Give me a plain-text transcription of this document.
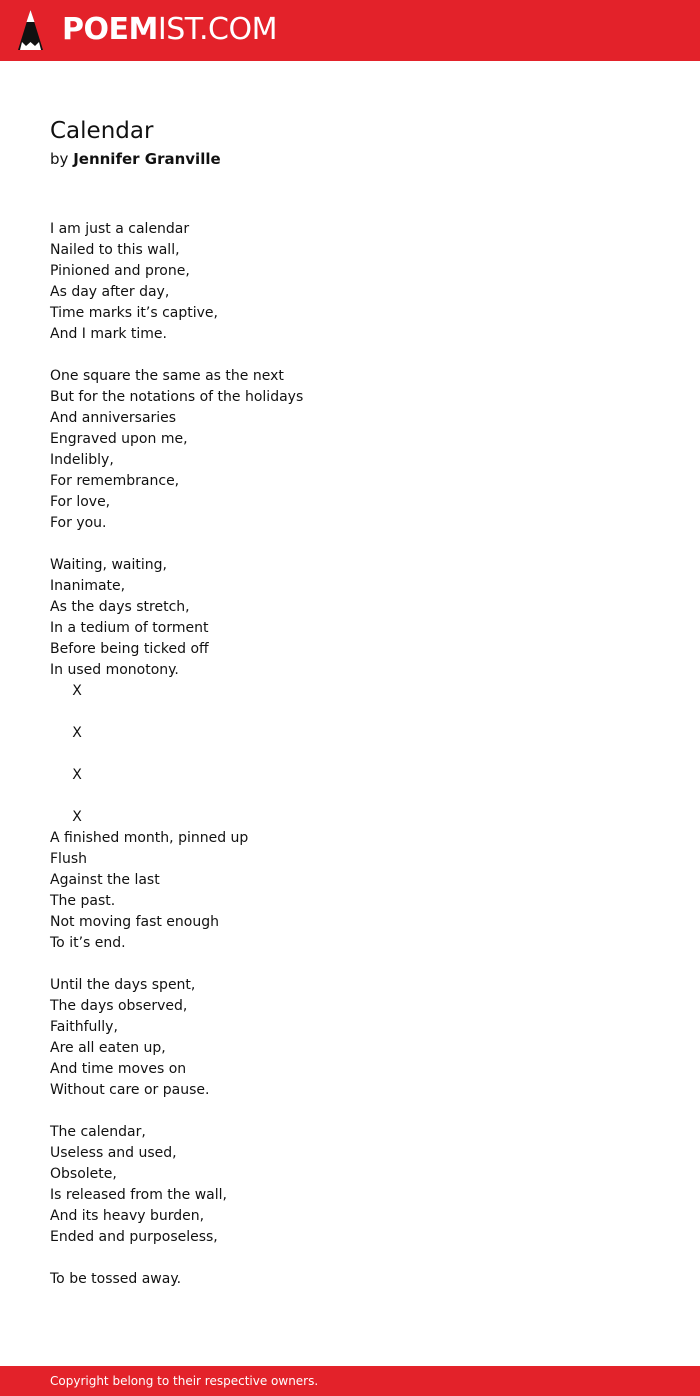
POEMIST.COM
Calendar
by Jennifer Granville
I am just a calendar
Nailed to this wall,
Pinioned and prone,
As day after day,
Time marks it’s captive,
And I mark time.
One square the same as the next
But for the notations of the holidays
And anniversaries
Engraved upon me,
Indelibly,
For remembrance,
For love,
For you.
Waiting, waiting,
Inanimate,
As the days stretch,
In a tedium of torment
Before being ticked off
In used monotony.
X
X
X
X
A finished month, pinned up
Flush
Against the last
The past.
Not moving fast enough
To it’s end.
Until the days spent,
The days observed,
Faithfully,
Are all eaten up,
And time moves on
Without care or pause.
The calendar,
Useless and used,
Obsolete,
Is released from the wall,
And its heavy burden,
Ended and purposeless,
To be tossed away.
Copyright belong to their respective owners.
